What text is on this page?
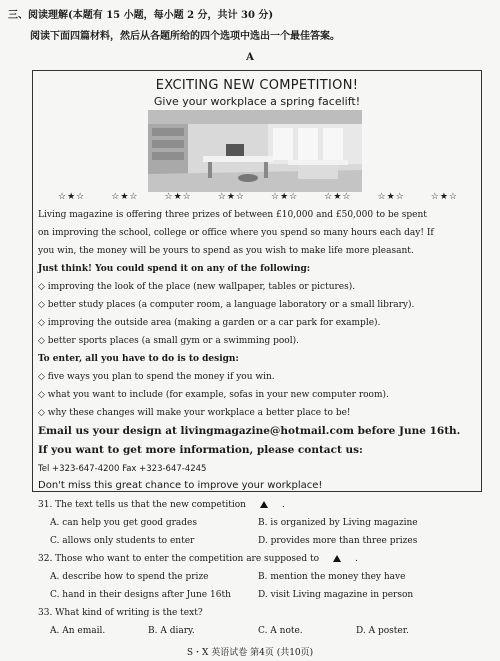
三、阅读理解(本题有 15 小题，每小题 2 分，共计 30 分)
阅读下面四篇材料，然后从各题所给的四个选项中选出一个最佳答案。
A
EXCITING NEW COMPETITION!
Give your workplace a spring facelift!
☆★☆	☆★☆	☆★☆	☆★☆	☆★☆	☆★☆	☆★☆	☆★☆
Living magazine is offering three prizes of between £10,000 and £50,000 to be spent
on improving the school, college or office where you spend so many hours each day! If
you win, the money will be yours to spend as you wish to make life more pleasant.
Just think! You could spend it on any of the following:
◇ improving the look of the place (new wallpaper, tables or pictures).
◇ better study places (a computer room, a language laboratory or a small library).
◇ improving the outside area (making a garden or a car park for example).
◇ better sports places (a small gym or a swimming pool).
To enter, all you have to do is to design:
◇ five ways you plan to spend the money if you win.
◇ what you want to include (for example, sofas in your new computer room).
◇ why these changes will make your workplace a better place to be!
Email us your design at livingmagazine@hotmail.com before June 16th.
If you want to get more information, please contact us:
Tel +323-647-4200 Fax +323-647-4245
Don't miss this great chance to improve your workplace!
31. The text tells us that the new competition	.
A. can help you get good grades	B. is organized by Living magazine
C. allows only students to enter	D. provides more than three prizes
32. Those who want to enter the competition are supposed to	.
A. describe how to spend the prize	B. mention the money they have
C. hand in their designs after June 16th	D. visit Living magazine in person
33. What kind of writing is the text?
A. An email.	B. A diary.	C. A note.	D. A poster.
S・X 英语试卷 第4页 (共10页)
